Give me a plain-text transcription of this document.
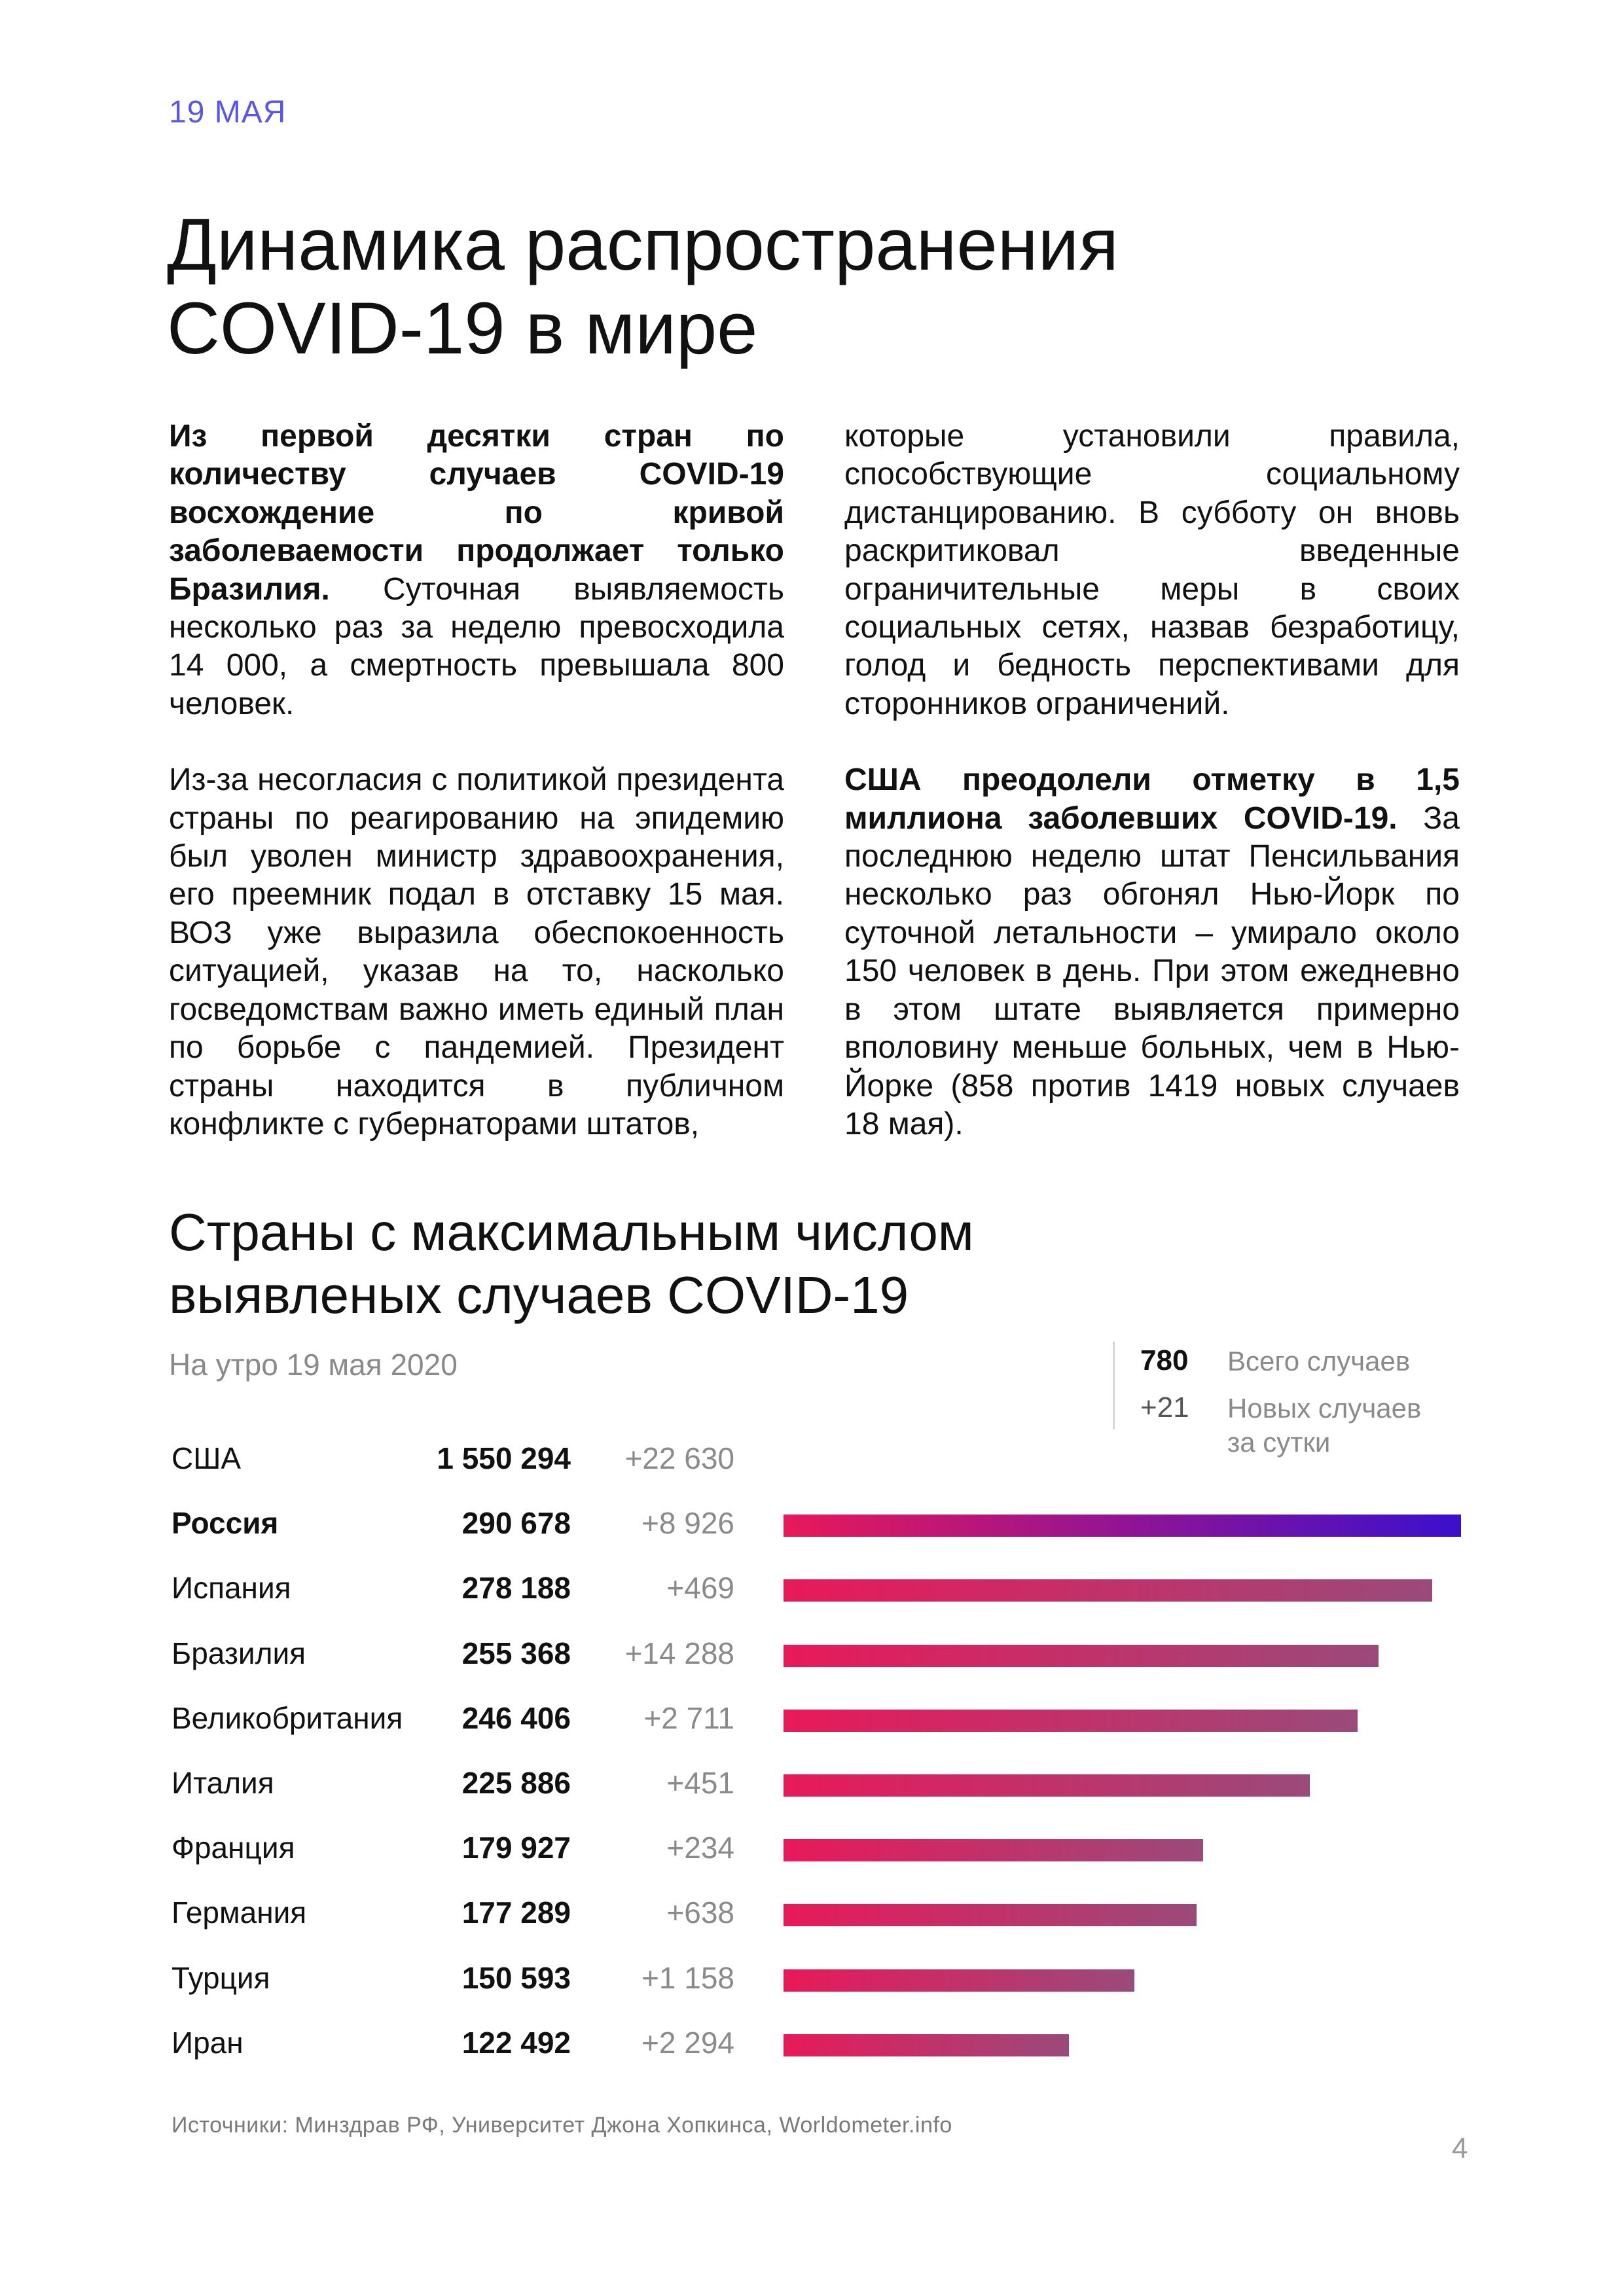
19 МАЯ
Динамика распространения
COVID-19 в мире

Из первой десятки стран по количеству случаев COVID-19 восхождение по кривой заболеваемости продолжает только Бразилия. Суточная выявляемость несколько раз за неделю превосходила 14 000, а смертность превышала 800 человек.

Из-за несогласия с политикой президента страны по реагированию на эпидемию был уволен министр здравоохранения, его преемник подал в отставку 15 мая. ВОЗ уже выразила обеспокоенность ситуацией, указав на то, насколько госведомствам важно иметь единый план по борьбе с пандемией. Президент страны находится в публичном конфликте с губернаторами штатов,

которые установили правила, способствующие социальному дистанцированию. В субботу он вновь раскритиковал введенные ограничительные меры в своих социальных сетях, назвав безработицу, голод и бедность перспективами для сторонников ограничений.

США преодолели отметку в 1,5 миллиона заболевших COVID-19. За последнюю неделю штат Пенсильвания несколько раз обгонял Нью-Йорк по суточной летальности – умирало около 150 человек в день. При этом ежедневно в этом штате выявляется примерно вполовину меньше больных, чем в Нью-Йорке (858 против 1419 новых случаев 18 мая).

Страны с максимальным числом
выявленых случаев COVID-19
На утро 19 мая 2020	780 Всего случаев
+21 Новых случаев за сутки
США	1 550 294	+22 630
Россия	290 678	+8 926
Испания	278 188	+469
Бразилия	255 368	+14 288
Великобритания	246 406	+2 711
Италия	225 886	+451
Франция	179 927	+234
Германия	177 289	+638
Турция	150 593	+1 158
Иран	122 492	+2 294
Источники: Минздрав РФ, Университет Джона Хопкинса, Worldometer.info
4
